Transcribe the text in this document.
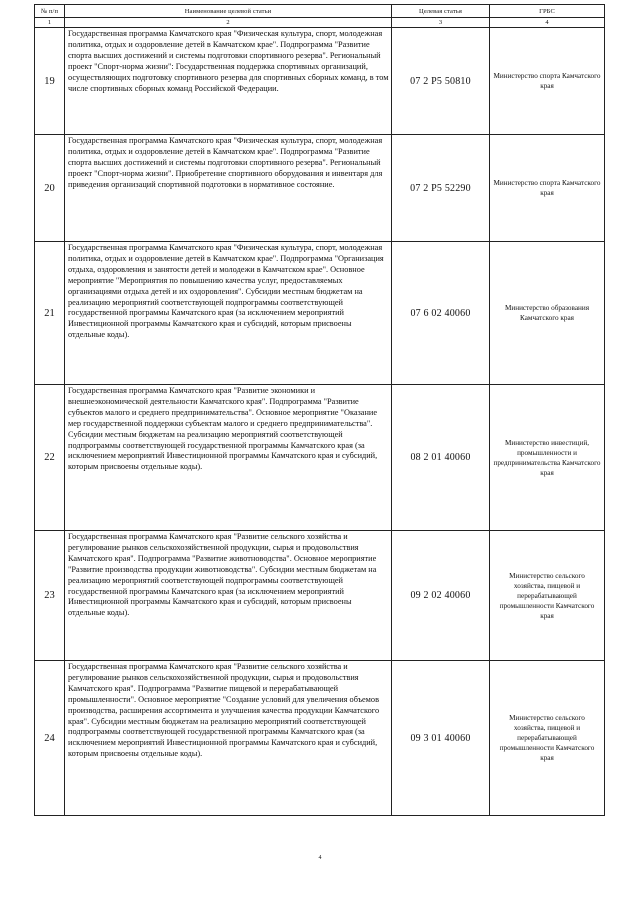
№ п/п	Наименование целевой статьи	Целевая статья	ГРБС
1	2	3	4
19	Государственная программа Камчатского края "Физическая культура, спорт, молодежная политика, отдых и оздоровление детей в Камчатском крае". Подпрограмма "Развитие спорта высших достижений и системы подготовки спортивного резерва". Региональный проект "Спорт-норма жизни": Государственная поддержка спортивных организаций, осуществляющих подготовку спортивного резерва для спортивных сборных команд, в том числе спортивных сборных команд Российской Федерации.	07 2 P5 50810	Министерство спорта Камчатского края
20	Государственная программа Камчатского края "Физическая культура, спорт, молодежная политика, отдых и оздоровление детей в Камчатском крае". Подпрограмма "Развитие спорта высших достижений и системы подготовки спортивного резерва". Региональный проект "Спорт-норма жизни". Приобретение спортивного оборудования и инвентаря для приведения организаций спортивной подготовки в нормативное состояние.	07 2 P5 52290	Министерство спорта Камчатского края
21	Государственная программа Камчатского края "Физическая культура, спорт, молодежная политика, отдых и оздоровление детей в Камчатском крае". Подпрограмма "Организация отдыха, оздоровления и занятости детей и молодежи в Камчатском крае". Основное мероприятие "Мероприятия по повышению качества услуг, предоставляемых организациями отдыха детей и их оздоровления". Субсидии местным бюджетам на реализацию мероприятий соответствующей подпрограммы соответствующей государственной программы Камчатского края (за исключением мероприятий Инвестиционной программы Камчатского края и субсидий, которым присвоены отдельные коды).	07 6 02 40060	Министерство образования Камчатского края
22	Государственная программа Камчатского края "Развитие экономики и внешнеэкономической деятельности Камчатского края". Подпрограмма "Развитие субъектов малого и среднего предпринимательства". Основное мероприятие "Оказание мер государственной поддержки субъектам малого и среднего предпринимательства". Субсидии местным бюджетам на реализацию мероприятий соответствующей подпрограммы соответствующей государственной программы Камчатского края (за исключением мероприятий Инвестиционной программы Камчатского края и субсидий, которым присвоены отдельные коды).	08 2 01 40060	Министерство инвестиций, промышленности и предпринимательства Камчатского края
23	Государственная программа Камчатского края "Развитие сельского хозяйства и регулирование рынков сельскохозяйственной продукции, сырья и продовольствия Камчатского края". Подпрограмма "Развитие животноводства". Основное мероприятие "Развитие производства продукции животноводства". Субсидии местным бюджетам на реализацию мероприятий соответствующей подпрограммы соответствующей государственной программы Камчатского края (за исключением мероприятий Инвестиционной программы Камчатского края и субсидий, которым присвоены отдельные коды).	09 2 02 40060	Министерство сельского хозяйства, пищевой и перерабатывающей промышленности Камчатского края
24	Государственная программа Камчатского края "Развитие сельского хозяйства и регулирование рынков сельскохозяйственной продукции, сырья и продовольствия Камчатского края". Подпрограмма "Развитие пищевой и перерабатывающей промышленности". Основное мероприятие "Создание условий для увеличения объемов производства, расширения ассортимента и улучшения качества продукции Камчатского края". Субсидии местным бюджетам на реализацию мероприятий соответствующей подпрограммы соответствующей государственной программы Камчатского края (за исключением мероприятий Инвестиционной программы Камчатского края и субсидий, которым присвоены отдельные коды).	09 3 01 40060	Министерство сельского хозяйства, пищевой и перерабатывающей промышленности Камчатского края
4
